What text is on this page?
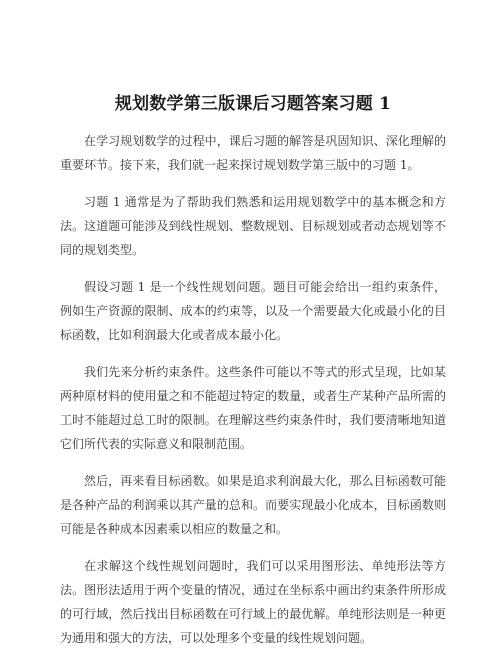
规划数学第三版课后习题答案习题 1

在学习规划数学的过程中，课后习题的解答是巩固知识、深化理解的重要环节。接下来，我们就一起来探讨规划数学第三版中的习题 1。

习题 1 通常是为了帮助我们熟悉和运用规划数学中的基本概念和方法。这道题可能涉及到线性规划、整数规划、目标规划或者动态规划等不同的规划类型。

假设习题 1 是一个线性规划问题。题目可能会给出一组约束条件，例如生产资源的限制、成本的约束等，以及一个需要最大化或最小化的目标函数，比如利润最大化或者成本最小化。

我们先来分析约束条件。这些条件可能以不等式的形式呈现，比如某两种原材料的使用量之和不能超过特定的数量，或者生产某种产品所需的工时不能超过总工时的限制。在理解这些约束条件时，我们要清晰地知道它们所代表的实际意义和限制范围。

然后，再来看目标函数。如果是追求利润最大化，那么目标函数可能是各种产品的利润乘以其产量的总和。而要实现最小化成本，目标函数则可能是各种成本因素乘以相应的数量之和。

在求解这个线性规划问题时，我们可以采用图形法、单纯形法等方法。图形法适用于两个变量的情况，通过在坐标系中画出约束条件所形成的可行域，然后找出目标函数在可行域上的最优解。单纯形法则是一种更为通用和强大的方法，可以处理多个变量的线性规划问题。
